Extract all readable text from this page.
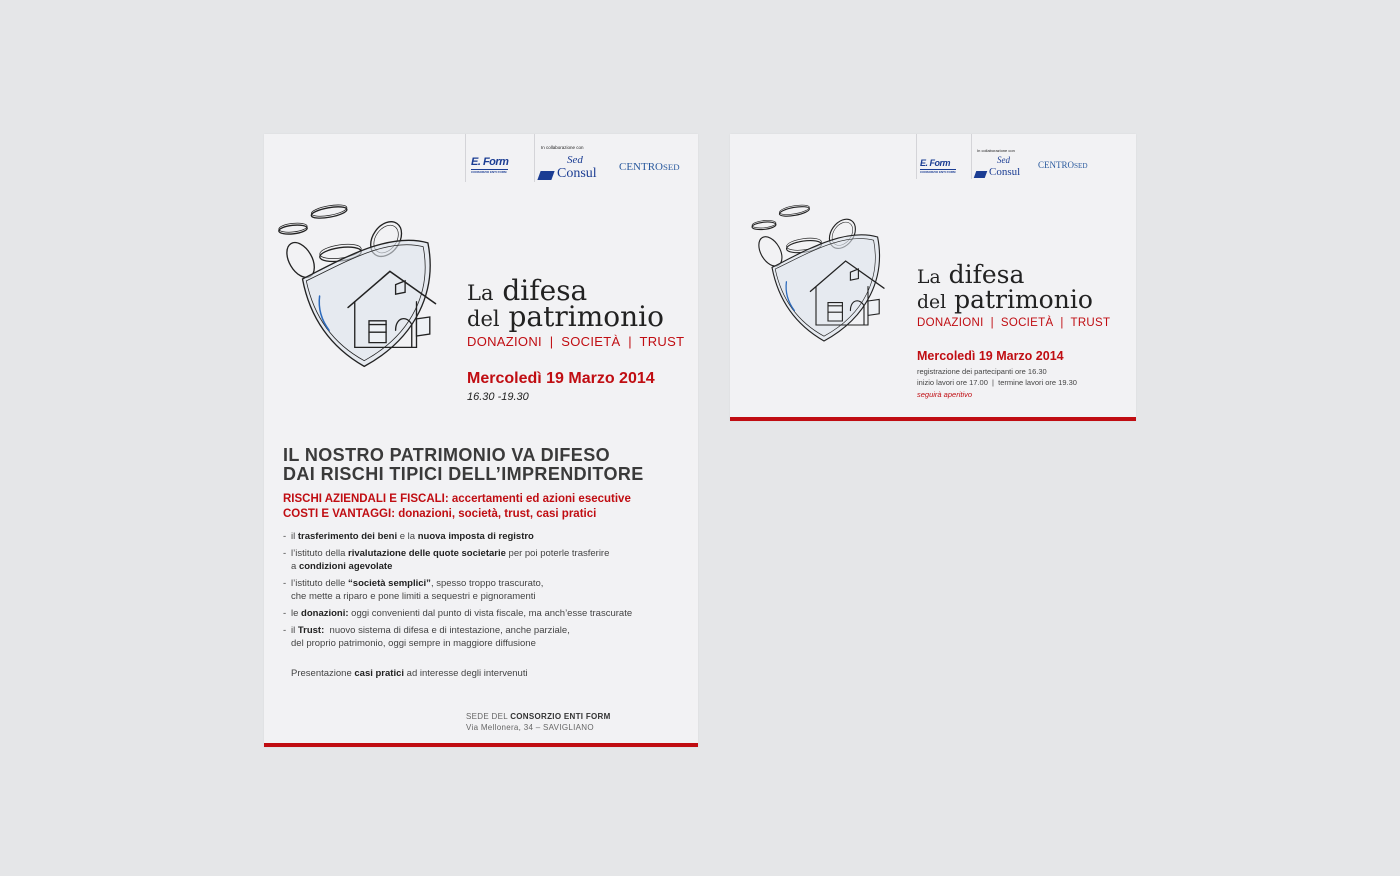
E. Form
CONSORZIO ENTI FORM
In collaborazione con
Sed
Consul CENTROSED
La difesa
del patrimonio
DONAZIONI  |  SOCIETÀ  |  TRUST
Mercoledì 19 Marzo 2014
16.30 -19.30
IL NOSTRO PATRIMONIO VA DIFESO
DAI RISCHI TIPICI DELL’IMPRENDITORE
RISCHI AZIENDALI E FISCALI: accertamenti ed azioni esecutive
COSTI E VANTAGGI: donazioni, società, trust, casi pratici
- il trasferimento dei beni e la nuova imposta di registro
- l’istituto della rivalutazione delle quote societarie per poi poterle trasferire
a condizioni agevolate
- l’istituto delle “società semplici”, spesso troppo trascurato,
che mette a riparo e pone limiti a sequestri e pignoramenti
- le donazioni: oggi convenienti dal punto di vista fiscale, ma anch’esse trascurate
- il Trust:  nuovo sistema di difesa e di intestazione, anche parziale,
del proprio patrimonio, oggi sempre in maggiore diffusione
Presentazione casi pratici ad interesse degli intervenuti
SEDE DEL CONSORZIO ENTI FORM
Via Mellonera, 34 – SAVIGLIANO
E. Form
CONSORZIO ENTI FORM
In collaborazione con
Sed
Consul
CENTROSED
La difesa
del patrimonio
DONAZIONI  |  SOCIETÀ  |  TRUST
Mercoledì 19 Marzo 2014
registrazione dei partecipanti ore 16.30
inizio lavori ore 17.00  |  termine lavori ore 19.30
seguirà aperitivo
